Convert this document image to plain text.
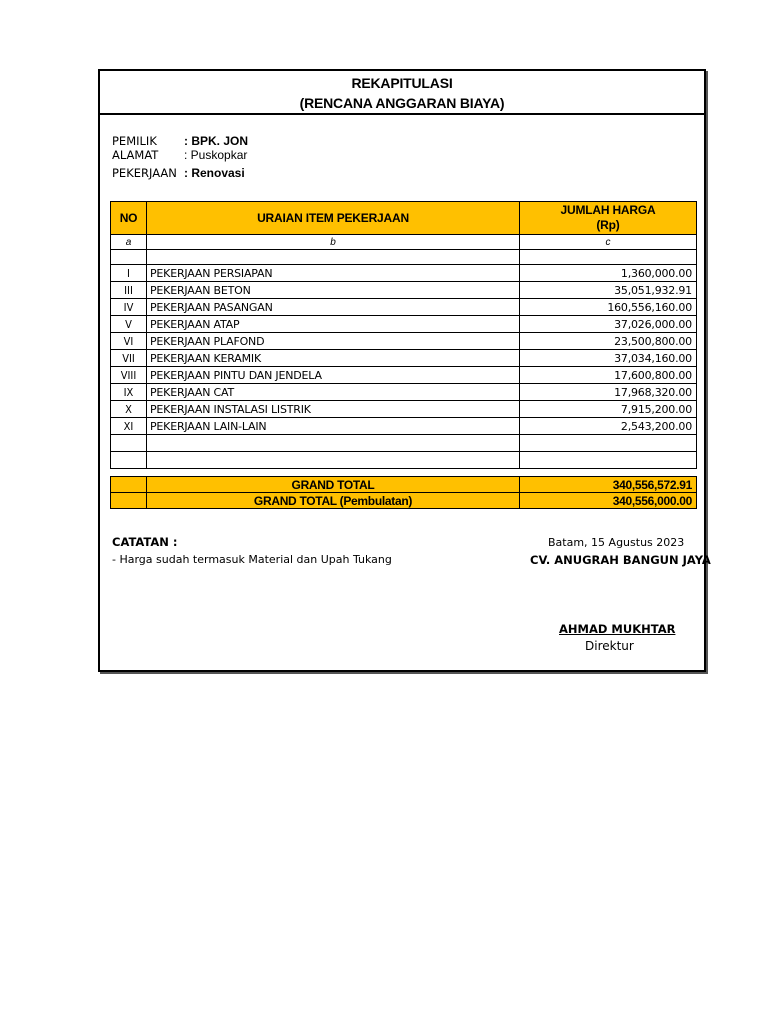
REKAPITULASI
(RENCANA ANGGARAN BIAYA)
PEMILIK : BPK. JON
ALAMAT : Puskopkar
PEKERJAAN : Renovasi
NO	URAIAN ITEM PEKERJAAN	JUMLAH HARGA
(Rp)

a	b	c

I	PEKERJAAN PERSIAPAN	1,360,000.00
III	PEKERJAAN BETON	35,051,932.91
IV	PEKERJAAN PASANGAN	160,556,160.00
V	PEKERJAAN ATAP	37,026,000.00
VI	PEKERJAAN PLAFOND	23,500,800.00
VII	PEKERJAAN KERAMIK	37,034,160.00
VIII	PEKERJAAN PINTU DAN JENDELA	17,600,800.00
IX	PEKERJAAN CAT	17,968,320.00
X	PEKERJAAN INSTALASI LISTRIK	7,915,200.00
XI	PEKERJAAN LAIN-LAIN	2,543,200.00

	GRAND TOTAL	340,556,572.91
	GRAND TOTAL (Pembulatan)	340,556,000.00
CATATAN :
- Harga sudah termasuk Material dan Upah Tukang
Batam, 15 Agustus 2023
CV. ANUGRAH BANGUN JAYA
AHMAD MUKHTAR
Direktur
